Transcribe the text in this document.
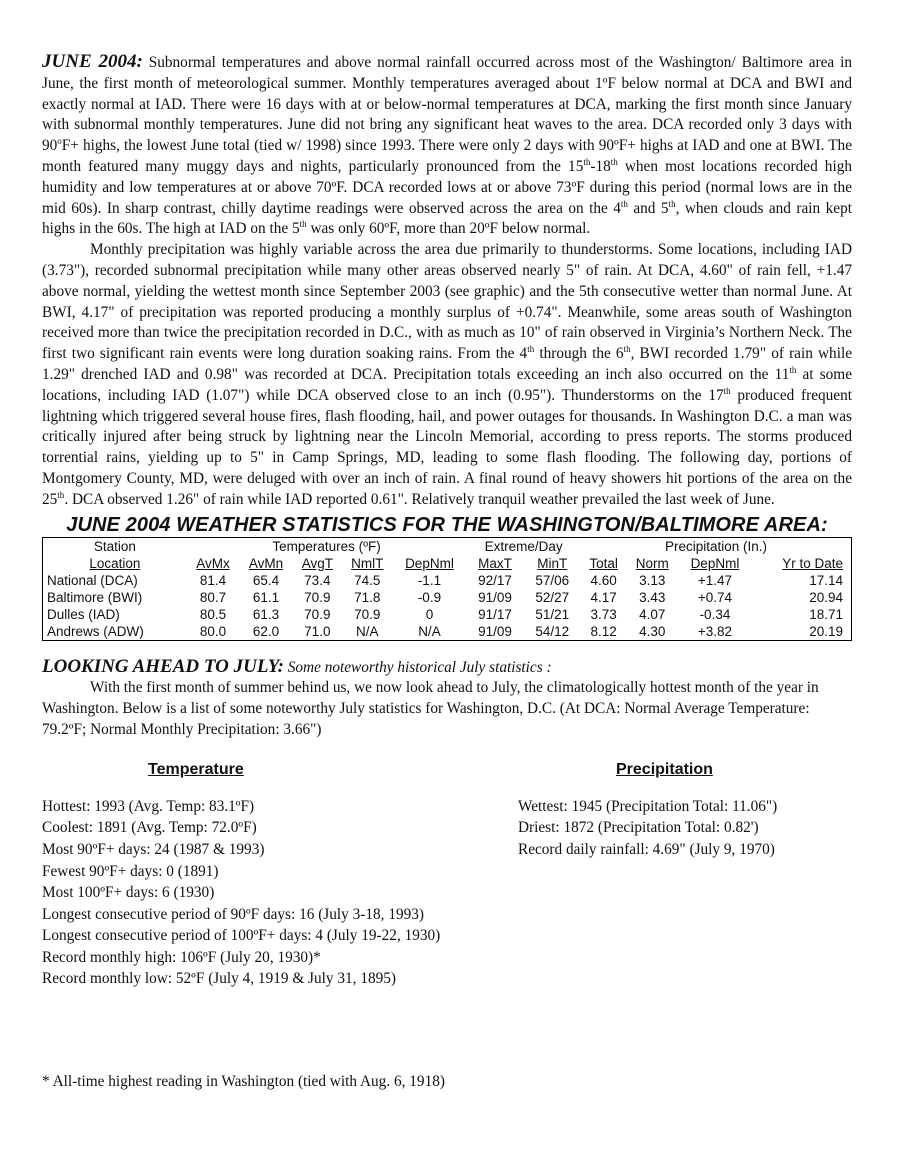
JUNE 2004: Subnormal temperatures and above normal rainfall occurred across most of the Washington/ Baltimore area in June, the first month of meteorological summer. Monthly temperatures averaged about 1ºF below normal at DCA and BWI and exactly normal at IAD. There were 16 days with at or below-normal temperatures at DCA, marking the first month since January with subnormal monthly temperatures. June did not bring any significant heat waves to the area. DCA recorded only 3 days with $90^oF+$ highs, the lowest June total (tied w/ 1998) since 1993. There were only 2 days with 90ºF+ highs at IAD and one at BWI. The month featured many muggy days and nights, particularly pronounced from the 15th-18th when most locations recorded high humidity and low temperatures at or above 70ºF. DCA recorded lows at or above 73ºF during this period (normal lows are in the mid 60s). In sharp contrast, chilly daytime readings were observed across the area on the 4th and 5th, when clouds and rain kept highs in the 60s. The high at IAD on the 5th was only 60ºF, more than 20ºF below normal.

Monthly precipitation was highly variable across the area due primarily to thunderstorms. Some locations, including IAD (3.73"), recorded subnormal precipitation while many other areas observed nearly 5" of rain. At DCA, 4.60" of rain fell, +1.47 above normal, yielding the wettest month since September 2003 (see graphic) and the 5th consecutive wetter than normal June. At BWI, 4.17" of precipitation was reported producing a monthly surplus of +0.74". Meanwhile, some areas south of Washington received more than twice the precipitation recorded in D.C., with as much as 10" of rain observed in Virginia’s Northern Neck. The first two significant rain events were long duration soaking rains. From the 4th through the 6th, BWI recorded 1.79" of rain while 1.29" drenched IAD and 0.98" was recorded at DCA. Precipitation totals exceeding an inch also occurred on the 11th at some locations, including IAD (1.07") while DCA observed close to an inch (0.95"). Thunderstorms on the 17th produced frequent lightning which triggered several house fires, flash flooding, hail, and power outages for thousands. In Washington D.C. a man was critically injured after being struck by lightning near the Lincoln Memorial, according to press reports. The storms produced torrential rains, yielding up to 5" in Camp Springs, MD, leading to some flash flooding. The following day, portions of Montgomery County, MD, were deluged with over an inch of rain. A final round of heavy showers hit portions of the area on the 25th. DCA observed 1.26" of rain while IAD reported 0.61". Relatively tranquil weather prevailed the last week of June.

JUNE 2004 WEATHER STATISTICS FOR THE WASHINGTON/BALTIMORE AREA:
Station	Temperatures (ºF)					Extreme/Day		Precipitation (In.)			
Location	AvMx	AvMn	AvgT	NmlT	DepNml	MaxT	MinT	Total	Norm	DepNml	Yr to Date
National (DCA)	81.4	65.4	73.4	74.5	-1.1	92/17	57/06	4.60	3.13	+1.47	17.14
Baltimore (BWI)	80.7	61.1	70.9	71.8	-0.9	91/09	52/27	4.17	3.43	+0.74	20.94
Dulles (IAD)	80.5	61.3	70.9	70.9	0	91/17	51/21	3.73	4.07	-0.34	18.71
Andrews (ADW)	80.0	62.0	71.0	N/A	N/A	91/09	54/12	8.12	4.30	+3.82	20.19

LOOKING AHEAD TO JULY: Some noteworthy historical July statistics :

With the first month of summer behind us, we now look ahead to July, the climatologically hottest month of the year in Washington. Below is a list of some noteworthy July statistics for Washington, D.C. (At DCA: Normal Average Temperature: 79.2ºF; Normal Monthly Precipitation: 3.66")

Temperature
Hottest: 1993 (Avg. Temp: 83.1ºF)
Coolest: 1891 (Avg. Temp: 72.0ºF)
Most 90ºF+ days: 24 (1987 & 1993)
Fewest 90ºF+ days: 0 (1891)
Most 100ºF+ days: 6 (1930)
Longest consecutive period of 90ºF days: 16 (July 3-18, 1993)
Longest consecutive period of 100ºF+ days: 4 (July 19-22, 1930)
Record monthly high: 106ºF (July 20, 1930)*
Record monthly low: 52ºF (July 4, 1919 & July 31, 1895)
Precipitation
Wettest: 1945 (Precipitation Total: 11.06")
Driest: 1872 (Precipitation Total: 0.82')
Record daily rainfall: 4.69" (July 9, 1970)
* All-time highest reading in Washington (tied with Aug. 6, 1918)
